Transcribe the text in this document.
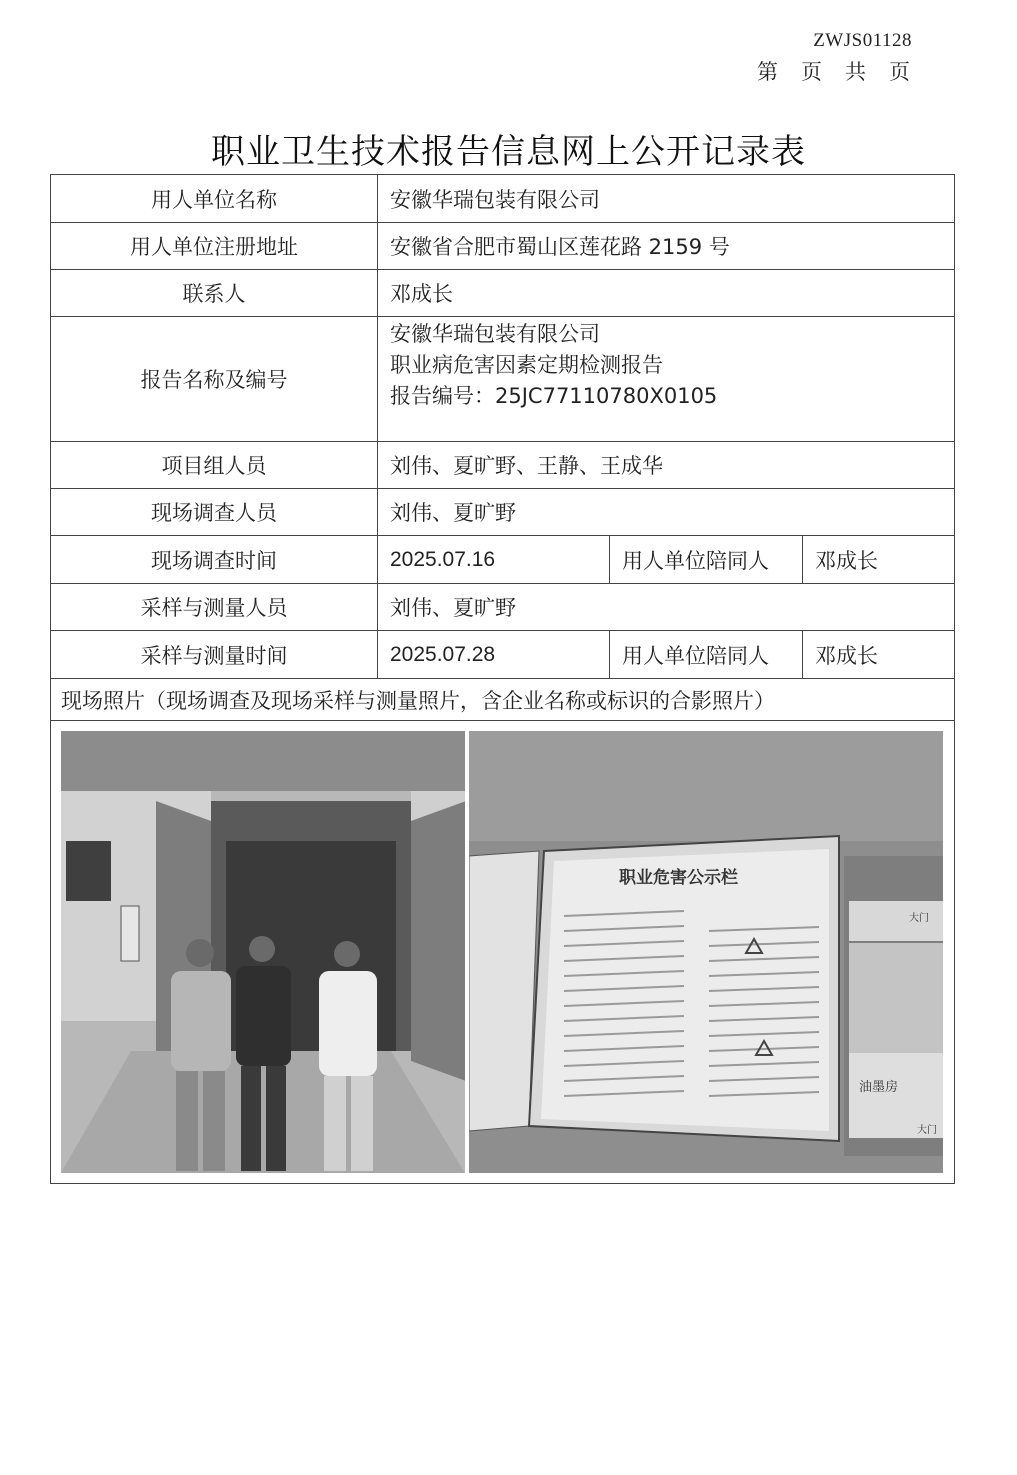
ZWJS01128
第 页 共 页
职业卫生技术报告信息网上公开记录表
用人单位名称	安徽华瑞包装有限公司		
用人单位注册地址	安徽省合肥市蜀山区莲花路 2159 号		
联系人	邓成长		
报告名称及编号	安徽华瑞包装有限公司
职业病危害因素定期检测报告
报告编号：25JC77110780X0105		

项目组人员	刘伟、夏旷野、王静、王成华		
现场调查人员	刘伟、夏旷野		
现场调查时间	2025.07.16	用人单位陪同人	邓成长
采样与测量人员	刘伟、夏旷野		
采样与测量时间	2025.07.28	用人单位陪同人	邓成长
现场照片（现场调查及现场采样与测量照片，含企业名称或标识的合影照片）			

职业危害公示栏
大门
油墨房
大门			
